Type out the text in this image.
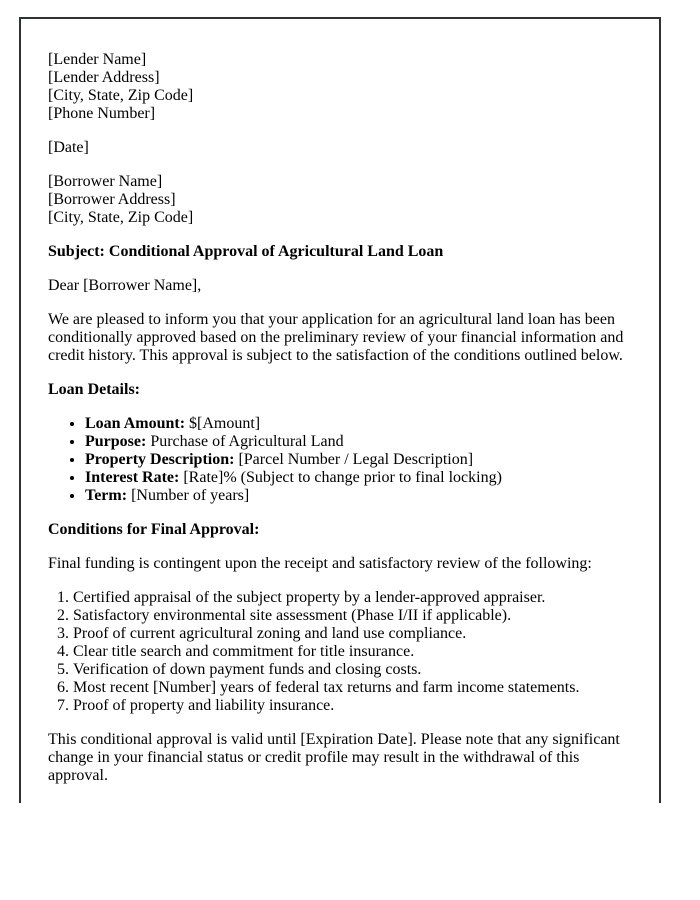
[Lender Name]
[Lender Address]
[City, State, Zip Code]
[Phone Number]

[Date]

[Borrower Name]
[Borrower Address]
[City, State, Zip Code]

Subject: Conditional Approval of Agricultural Land Loan

Dear [Borrower Name],

We are pleased to inform you that your application for an agricultural land loan has been conditionally approved based on the preliminary review of your financial information and credit history. This approval is subject to the satisfaction of the conditions outlined below.

Loan Details:

• Loan Amount: $[Amount]
• Purpose: Purchase of Agricultural Land
• Property Description: [Parcel Number / Legal Description]
• Interest Rate: [Rate]% (Subject to change prior to final locking)
• Term: [Number of years]

Conditions for Final Approval:

Final funding is contingent upon the receipt and satisfactory review of the following:

1. Certified appraisal of the subject property by a lender-approved appraiser.
2. Satisfactory environmental site assessment (Phase I/II if applicable).
3. Proof of current agricultural zoning and land use compliance.
4. Clear title search and commitment for title insurance.
5. Verification of down payment funds and closing costs.
6. Most recent [Number] years of federal tax returns and farm income statements.
7. Proof of property and liability insurance.

This conditional approval is valid until [Expiration Date]. Please note that any significant change in your financial status or credit profile may result in the withdrawal of this approval.
